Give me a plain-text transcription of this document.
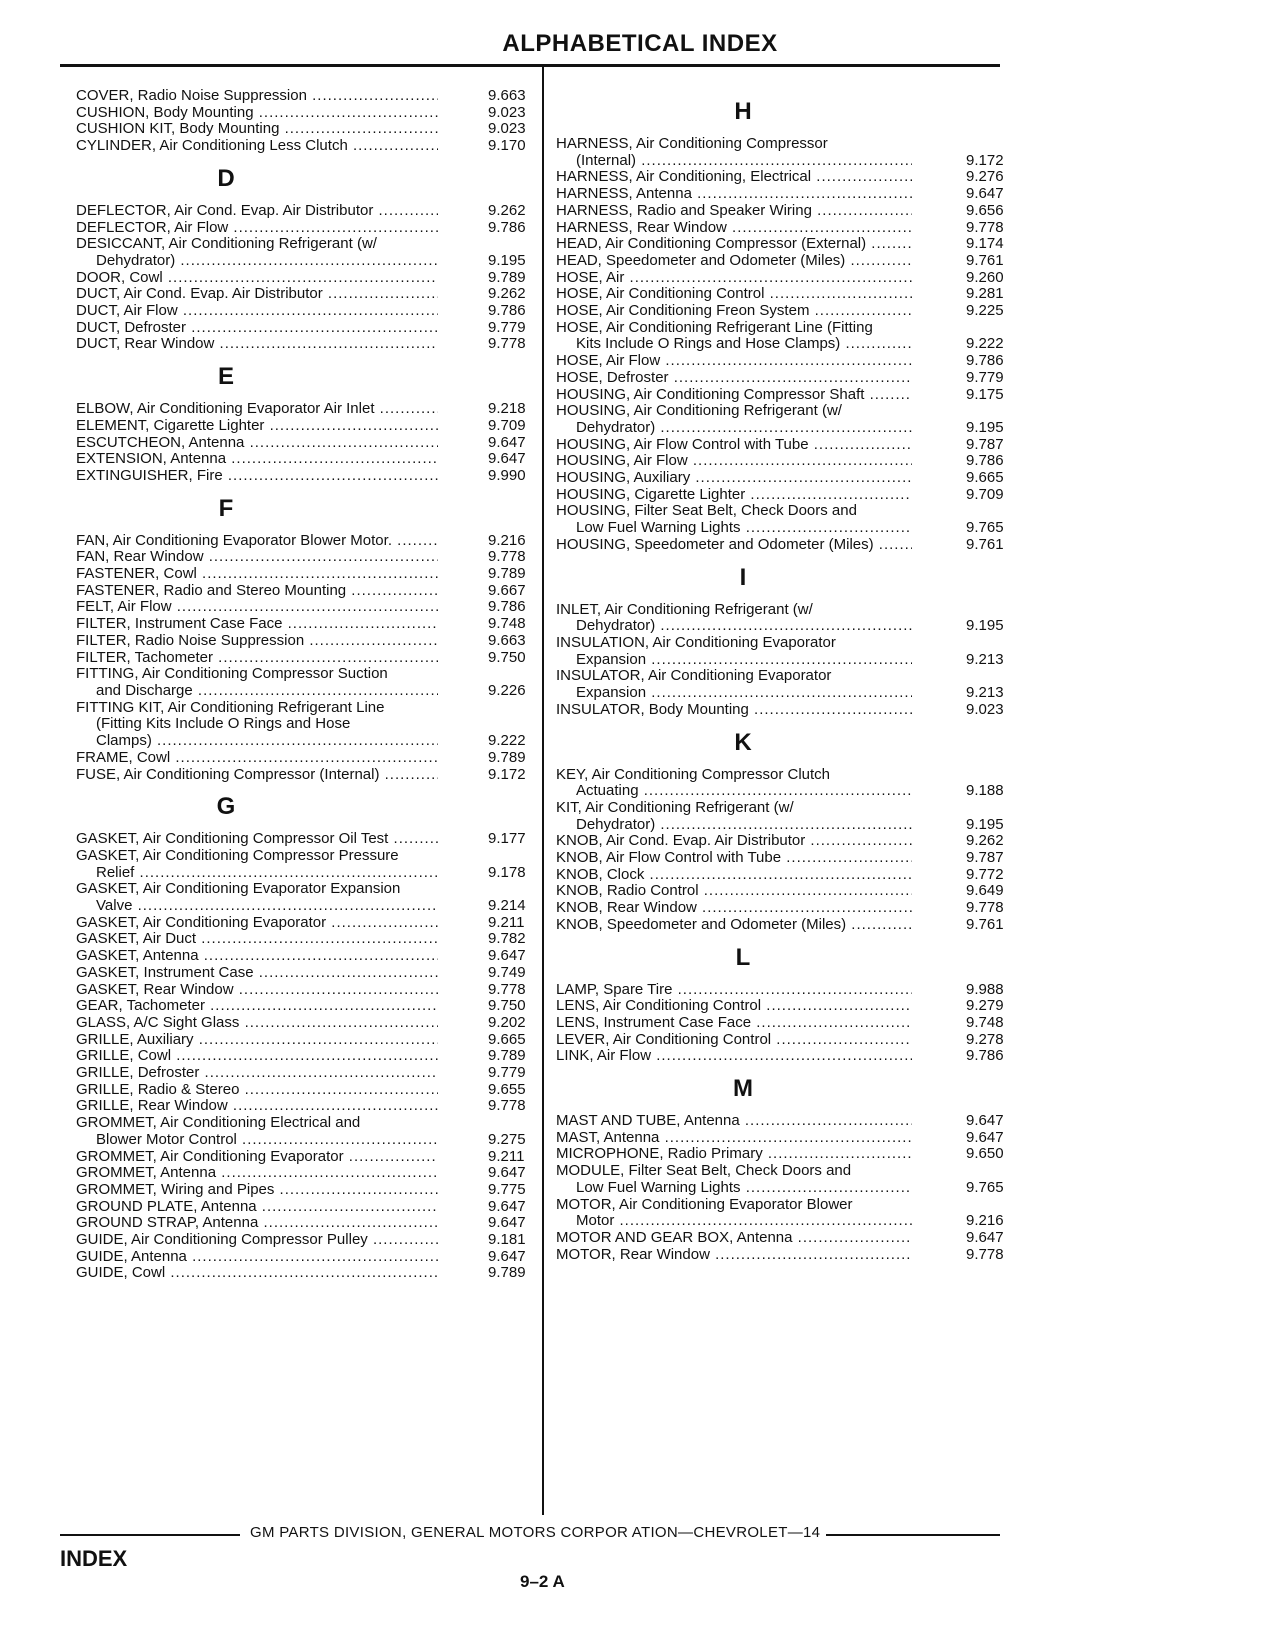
ALPHABETICAL INDEX
COVER, Radio Noise Suppression .....	9.663
CUSHION, Body Mounting .....	9.023
CUSHION KIT, Body Mounting .....	9.023
CYLINDER, Air Conditioning Less Clutch .....	9.170
D
DEFLECTOR, Air Cond. Evap. Air Distributor .....	9.262
DEFLECTOR, Air Flow .....	9.786
DESICCANT, Air Conditioning Refrigerant (w/
Dehydrator) .....	9.195
DOOR, Cowl .....	9.789
DUCT, Air Cond. Evap. Air Distributor .....	9.262
DUCT, Air Flow .....	9.786
DUCT, Defroster .....	9.779
DUCT, Rear Window .....	9.778
E
ELBOW, Air Conditioning Evaporator Air Inlet .....	9.218
ELEMENT, Cigarette Lighter .....	9.709
ESCUTCHEON, Antenna .....	9.647
EXTENSION, Antenna .....	9.647
EXTINGUISHER, Fire .....	9.990
F
FAN, Air Conditioning Evaporator Blower Motor. .....	9.216
FAN, Rear Window .....	9.778
FASTENER, Cowl .....	9.789
FASTENER, Radio and Stereo Mounting .....	9.667
FELT, Air Flow .....	9.786
FILTER, Instrument Case Face .....	9.748
FILTER, Radio Noise Suppression .....	9.663
FILTER, Tachometer .....	9.750
FITTING, Air Conditioning Compressor Suction
and Discharge .....	9.226
FITTING KIT, Air Conditioning Refrigerant Line
(Fitting Kits Include O Rings and Hose
Clamps) .....	9.222
FRAME, Cowl .....	9.789
FUSE, Air Conditioning Compressor (Internal) .....	9.172
G
GASKET, Air Conditioning Compressor Oil Test .....	9.177
GASKET, Air Conditioning Compressor Pressure
Relief .....	9.178
GASKET, Air Conditioning Evaporator Expansion
Valve .....	9.214
GASKET, Air Conditioning Evaporator .....	9.211
GASKET, Air Duct .....	9.782
GASKET, Antenna .....	9.647
GASKET, Instrument Case .....	9.749
GASKET, Rear Window .....	9.778
GEAR, Tachometer .....	9.750
GLASS, A/C Sight Glass .....	9.202
GRILLE, Auxiliary .....	9.665
GRILLE, Cowl .....	9.789
GRILLE, Defroster .....	9.779
GRILLE, Radio & Stereo .....	9.655
GRILLE, Rear Window .....	9.778
GROMMET, Air Conditioning Electrical and
Blower Motor Control .....	9.275
GROMMET, Air Conditioning Evaporator .....	9.211
GROMMET, Antenna .....	9.647
GROMMET, Wiring and Pipes .....	9.775
GROUND PLATE, Antenna .....	9.647
GROUND STRAP, Antenna .....	9.647
GUIDE, Air Conditioning Compressor Pulley .....	9.181
GUIDE, Antenna .....	9.647
GUIDE, Cowl .....	9.789
H
HARNESS, Air Conditioning Compressor
(Internal) .....	9.172
HARNESS, Air Conditioning, Electrical .....	9.276
HARNESS, Antenna .....	9.647
HARNESS, Radio and Speaker Wiring .....	9.656
HARNESS, Rear Window .....	9.778
HEAD, Air Conditioning Compressor (External) .....	9.174
HEAD, Speedometer and Odometer (Miles) .....	9.761
HOSE, Air .....	9.260
HOSE, Air Conditioning Control .....	9.281
HOSE, Air Conditioning Freon System .....	9.225
HOSE, Air Conditioning Refrigerant Line (Fitting
Kits Include O Rings and Hose Clamps) .....	9.222
HOSE, Air Flow .....	9.786
HOSE, Defroster .....	9.779
HOUSING, Air Conditioning Compressor Shaft .....	9.175
HOUSING, Air Conditioning Refrigerant (w/
Dehydrator) .....	9.195
HOUSING, Air Flow Control with Tube .....	9.787
HOUSING, Air Flow .....	9.786
HOUSING, Auxiliary .....	9.665
HOUSING, Cigarette Lighter .....	9.709
HOUSING, Filter Seat Belt, Check Doors and
Low Fuel Warning Lights .....	9.765
HOUSING, Speedometer and Odometer (Miles) .....	9.761
I
INLET, Air Conditioning Refrigerant (w/
Dehydrator) .....	9.195
INSULATION, Air Conditioning Evaporator
Expansion .....	9.213
INSULATOR, Air Conditioning Evaporator
Expansion .....	9.213
INSULATOR, Body Mounting .....	9.023
K
KEY, Air Conditioning Compressor Clutch
Actuating .....	9.188
KIT, Air Conditioning Refrigerant (w/
Dehydrator) .....	9.195
KNOB, Air Cond. Evap. Air Distributor .....	9.262
KNOB, Air Flow Control with Tube .....	9.787
KNOB, Clock .....	9.772
KNOB, Radio Control .....	9.649
KNOB, Rear Window .....	9.778
KNOB, Speedometer and Odometer (Miles) .....	9.761
L
LAMP, Spare Tire .....	9.988
LENS, Air Conditioning Control .....	9.279
LENS, Instrument Case Face .....	9.748
LEVER, Air Conditioning Control .....	9.278
LINK, Air Flow .....	9.786
M
MAST AND TUBE, Antenna .....	9.647
MAST, Antenna .....	9.647
MICROPHONE, Radio Primary .....	9.650
MODULE, Filter Seat Belt, Check Doors and
Low Fuel Warning Lights .....	9.765
MOTOR, Air Conditioning Evaporator Blower
Motor .....	9.216
MOTOR AND GEAR BOX, Antenna .....	9.647
MOTOR, Rear Window .....	9.778
GM PARTS DIVISION, GENERAL MOTORS CORPOR ATION—CHEVROLET—14
INDEX
9–2 A
